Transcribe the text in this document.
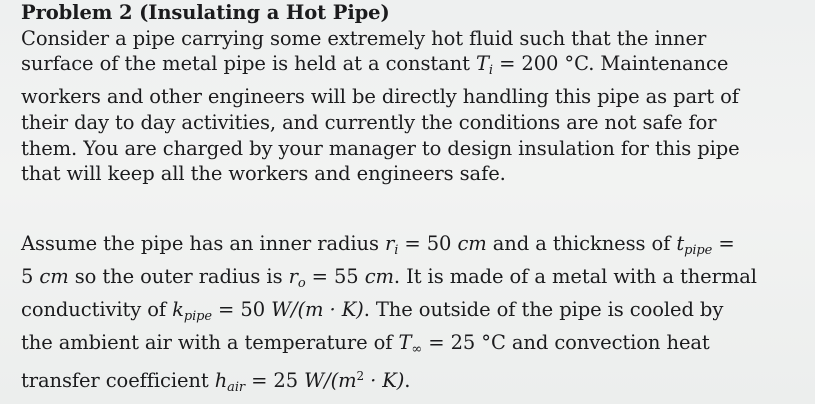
Problem 2 (Insulating a Hot Pipe)
Consider a pipe carrying some extremely hot fluid such that the inner
surface of the metal pipe is held at a constant $T_i = 200$ °C. Maintenance
workers and other engineers will be directly handling this pipe as part of
their day to day activities, and currently the conditions are not safe for
them. You are charged by your manager to design insulation for this pipe
that will keep all the workers and engineers safe.
Assume the pipe has an inner radius $r_i = 50$ cm and a thickness of $t_{pipe}$ =
5 cm so the outer radius is $r_o = 55$ cm. It is made of a metal with a thermal
conductivity of $k_{pipe} = 50$ W/(m · K). The outside of the pipe is cooled by
the ambient air with a temperature of $T_\infty = 25$ °C and convection heat
transfer coefficient $h_{air} = 25$ $W/(m^2 \cdot K)$.
